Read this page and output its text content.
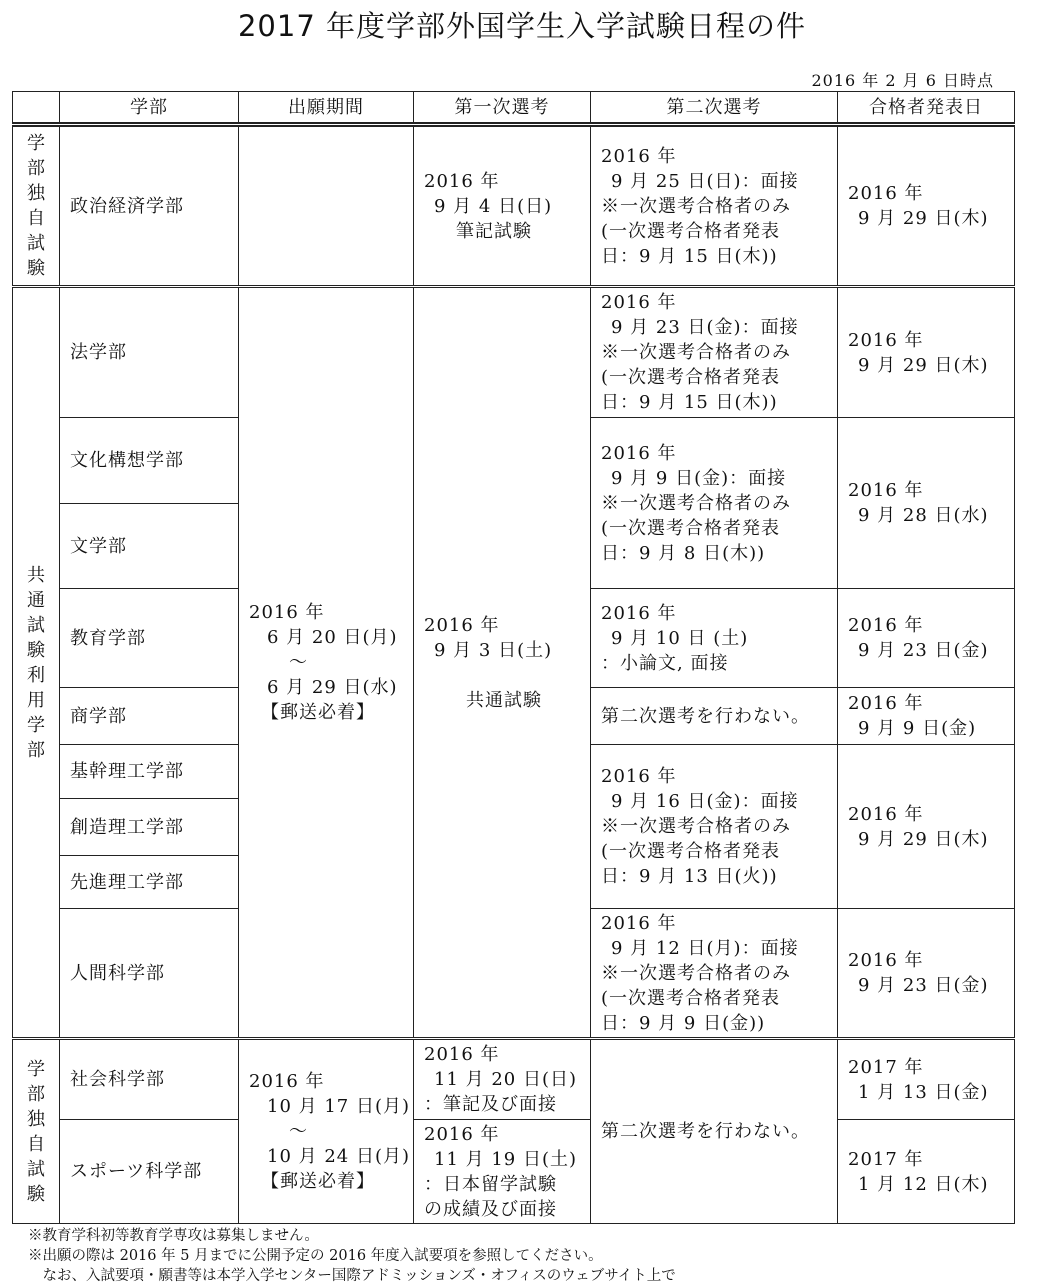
2017 年度学部外国学生入学試験日程の件
2016 年 2 月 6 日時点
	学部	出願期間	第一次選考	第二次選考	合格者発表日
学部独自試験	政治経済学部		2016 年
9 月 4 日(日)
筆記試験	2016 年
9 月 25 日(日)：面接
※一次選考合格者のみ
(一次選考合格者発表
日：9 月 15 日(木))	2016 年
9 月 29 日(木)

共通試験利用学部	法学部	2016 年
6 月 20 日(月)
～
6 月 29 日(水)
【郵送必着】	2016 年
9 月 3 日(土)

共通試験	2016 年
9 月 23 日(金)：面接
※一次選考合格者のみ
(一次選考合格者発表
日：9 月 15 日(木))	2016 年
9 月 29 日(木)

	文化構想学部			2016 年
9 月 9 日(金)：面接
※一次選考合格者のみ
(一次選考合格者発表
日：9 月 8 日(木))	2016 年
9 月 28 日(水)

	文学部				
	教育学部			2016 年
9 月 10 日 (土)
：小論文, 面接	2016 年
9 月 23 日(金)

	商学部			第二次選考を行わない。	2016 年
9 月 9 日(金)

	基幹理工学部			2016 年
9 月 16 日(金)：面接
※一次選考合格者のみ
(一次選考合格者発表
日：9 月 13 日(火))	2016 年
9 月 29 日(木)

	創造理工学部				
	先進理工学部				
	人間科学部			2016 年
9 月 12 日(月)：面接
※一次選考合格者のみ
(一次選考合格者発表
日：9 月 9 日(金))	2016 年
9 月 23 日(金)

学部独自試験	社会科学部	2016 年
10 月 17 日(月)
～
10 月 24 日(月)
【郵送必着】	2016 年
11 月 20 日(日)
：筆記及び面接	第二次選考を行わない。	2017 年
1 月 13 日(金)

	スポーツ科学部		2016 年
11 月 19 日(土)
：日本留学試験
の成績及び面接		2017 年
1 月 12 日(木)
※教育学科初等教育学専攻は募集しません。
※出願の際は 2016 年 5 月までに公開予定の 2016 年度入試要項を参照してください。
　なお、入試要項・願書等は本学入学センター国際アドミッションズ・オフィスのウェブサイト上で
